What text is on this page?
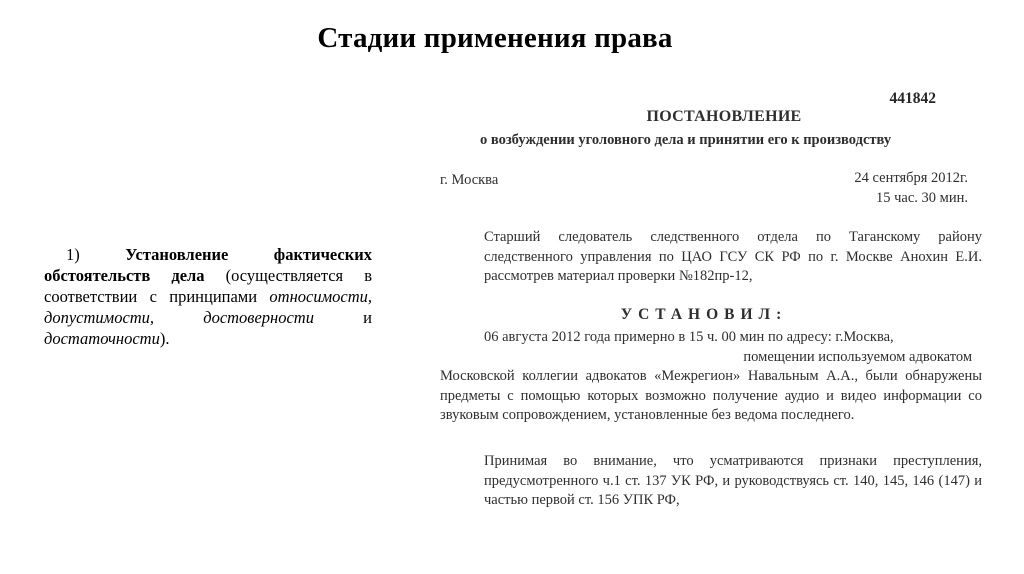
Стадии применения права
1)	Установление фактических обстоятельств дела (осуществляется в соответствии с принципами относимости, допустимости, достоверности и достаточности).
441842
ПОСТАНОВЛЕНИЕ
о возбуждении уголовного дела и принятии его к производству
г. Москва	24 сентября 2012г.
15 час. 30 мин.
Старший следователь следственного отдела по Таганскому району следственного управления по ЦАО ГСУ СК РФ по г. Москве Анохин Е.И. рассмотрев материал проверки №182пр-12,
УСТАНОВИЛ:
06 августа 2012 года примерно в 15 ч. 00 мин по адресу: г.Москва,
помещении используемом адвокатом
Московской коллегии адвокатов «Межрегион» Навальным А.А., были обнаружены предметы с помощью которых возможно получение аудио и видео информации со звуковым сопровождением, установленные без ведома последнего.
Принимая во внимание, что усматриваются признаки преступления, предусмотренного ч.1 ст. 137 УК РФ, и руководствуясь ст. 140, 145, 146 (147) и частью первой ст. 156 УПК РФ,
